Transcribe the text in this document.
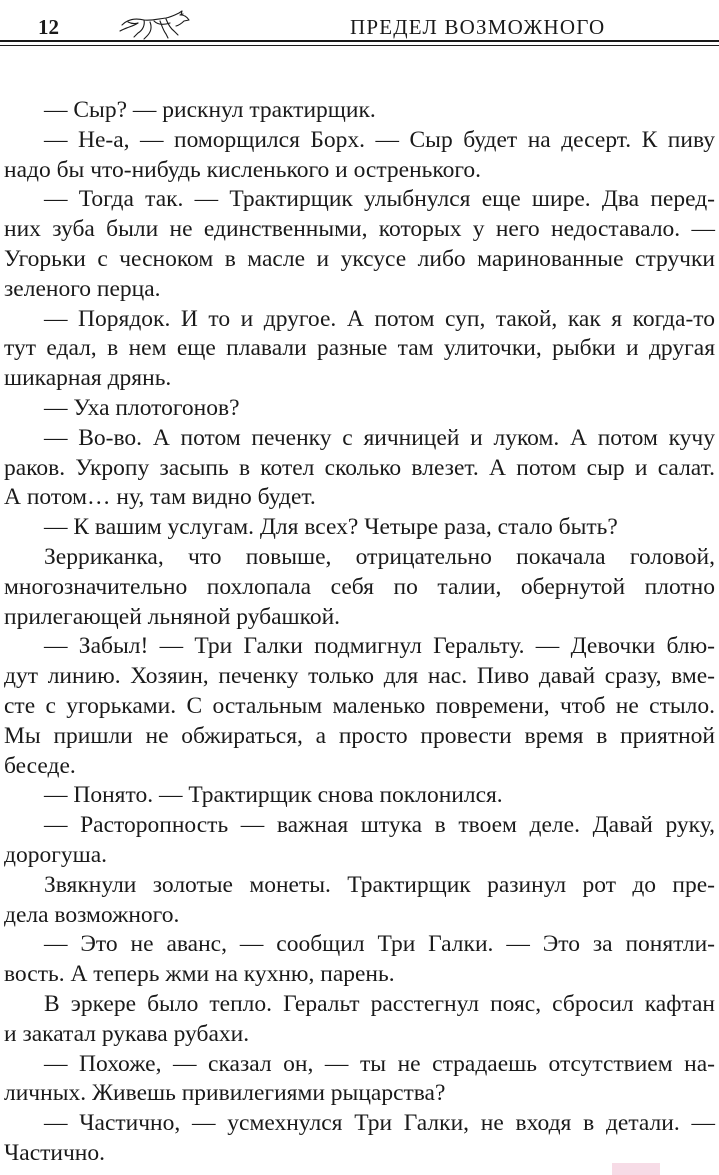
12	ПРЕДЕЛ ВОЗМОЖНОГО
— Сыр? — рискнул трактирщик.
— Не-а, — поморщился Борх. — Сыр будет на десерт. К пиву
надо бы что-нибудь кисленького и остренького.
— Тогда так. — Трактирщик улыбнулся еще шире. Два перед-
них зуба были не единственными, которых у него недоставало. —
Угорьки с чесноком в масле и уксусе либо маринованные стручки
зеленого перца.
— Порядок. И то и другое. А потом суп, такой, как я когда-то
тут едал, в нем еще плавали разные там улиточки, рыбки и другая
шикарная дрянь.
— Уха плотогонов?
— Во-во. А потом печенку с яичницей и луком. А потом кучу
раков. Укропу засыпь в котел сколько влезет. А потом сыр и салат.
А потом… ну, там видно будет.
— К вашим услугам. Для всех? Четыре раза, стало быть?
Зерриканка, что повыше, отрицательно покачала головой,
многозначительно похлопала себя по талии, обернутой плотно
прилегающей льняной рубашкой.
— Забыл! — Три Галки подмигнул Геральту. — Девочки блю-
дут линию. Хозяин, печенку только для нас. Пиво давай сразу, вме-
сте с угорьками. С остальным маленько повремени, чтоб не стыло.
Мы пришли не обжираться, а просто провести время в приятной
беседе.
— Понято. — Трактирщик снова поклонился.
— Расторопность — важная штука в твоем деле. Давай руку,
дорогуша.
Звякнули золотые монеты. Трактирщик разинул рот до пре-
дела возможного.
— Это не аванс, — сообщил Три Галки. — Это за понятли-
вость. А теперь жми на кухню, парень.
В эркере было тепло. Геральт расстегнул пояс, сбросил кафтан
и закатал рукава рубахи.
— Похоже, — сказал он, — ты не страдаешь отсутствием на-
личных. Живешь привилегиями рыцарства?
— Частично, — усмехнулся Три Галки, не входя в детали. —
Частично.
